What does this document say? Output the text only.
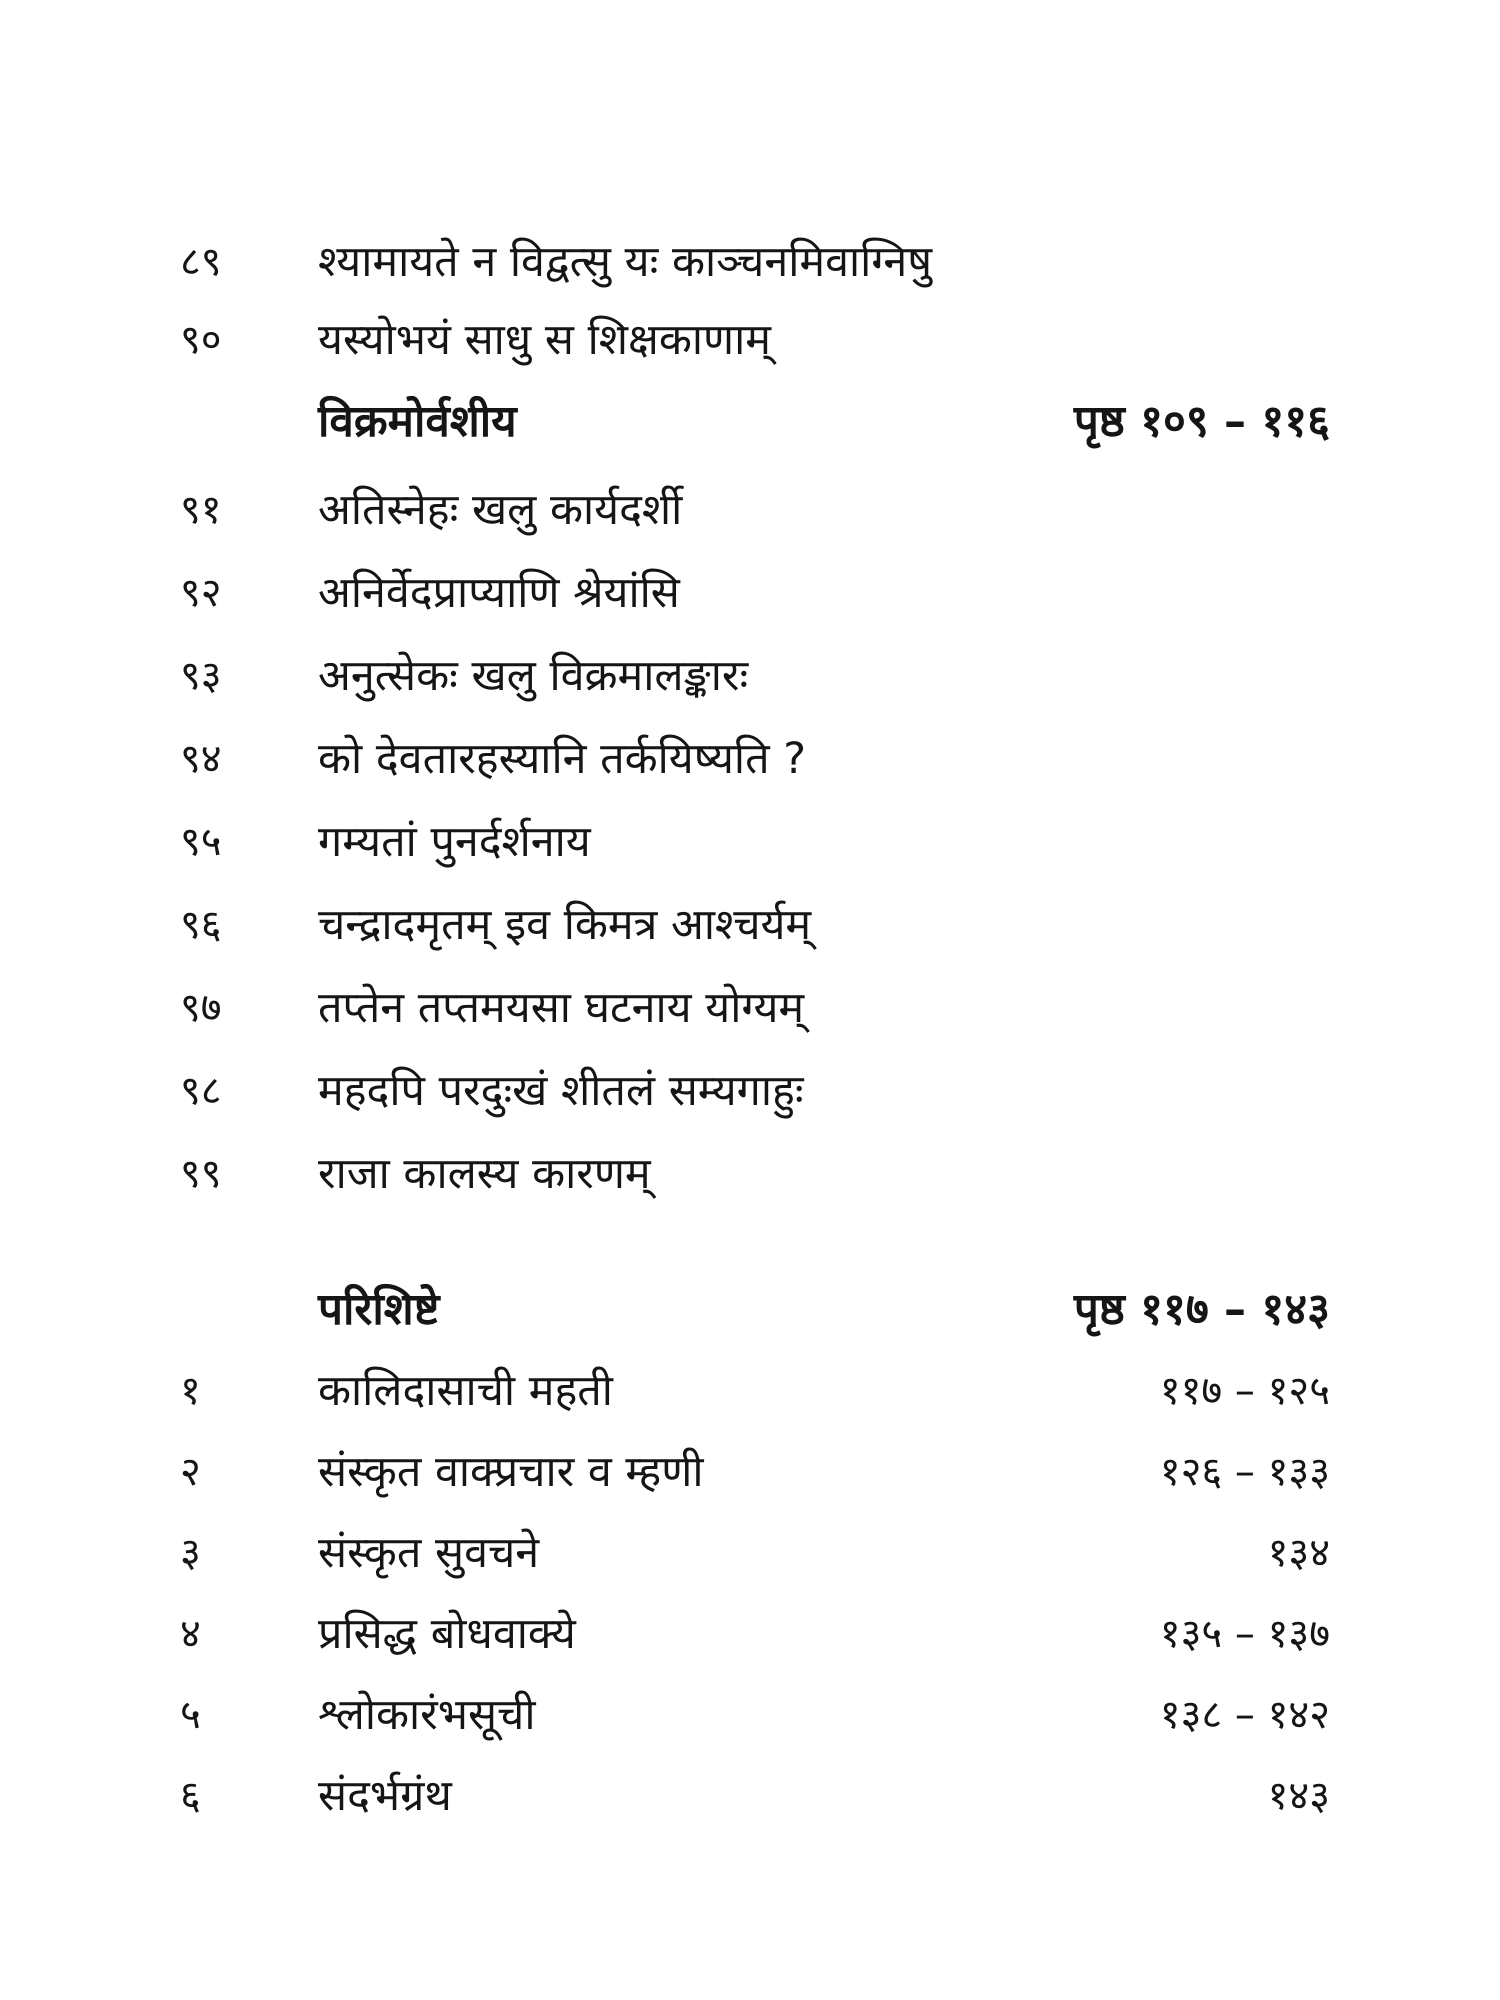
८९	श्यामायते न विद्वत्सु यः काञ्चनमिवाग्निषु
९०	यस्योभयं साधु स शिक्षकाणाम्
विक्रमोर्वशीय	पृष्ठ १०९ – ११६
९१	अतिस्नेहः खलु कार्यदर्शी
९२	अनिर्वेदप्राप्याणि श्रेयांसि
९३	अनुत्सेकः खलु विक्रमालङ्कारः
९४	को देवतारहस्यानि तर्कयिष्यति ?
९५	गम्यतां पुनर्दर्शनाय
९६	चन्द्रादमृतम् इव किमत्र आश्चर्यम्
९७	तप्तेन तप्तमयसा घटनाय योग्यम्
९८	महदपि परदुःखं शीतलं सम्यगाहुः
९९	राजा कालस्य कारणम्
परिशिष्टे	पृष्ठ ११७ – १४३
१	कालिदासाची महती	११७ – १२५
२	संस्कृत वाक्प्रचार व म्हणी	१२६ – १३३
३	संस्कृत सुवचने	१३४
४	प्रसिद्ध बोधवाक्ये	१३५ – १३७
५	श्लोकारंभसूची	१३८ – १४२
६	संदर्भग्रंथ	१४३
